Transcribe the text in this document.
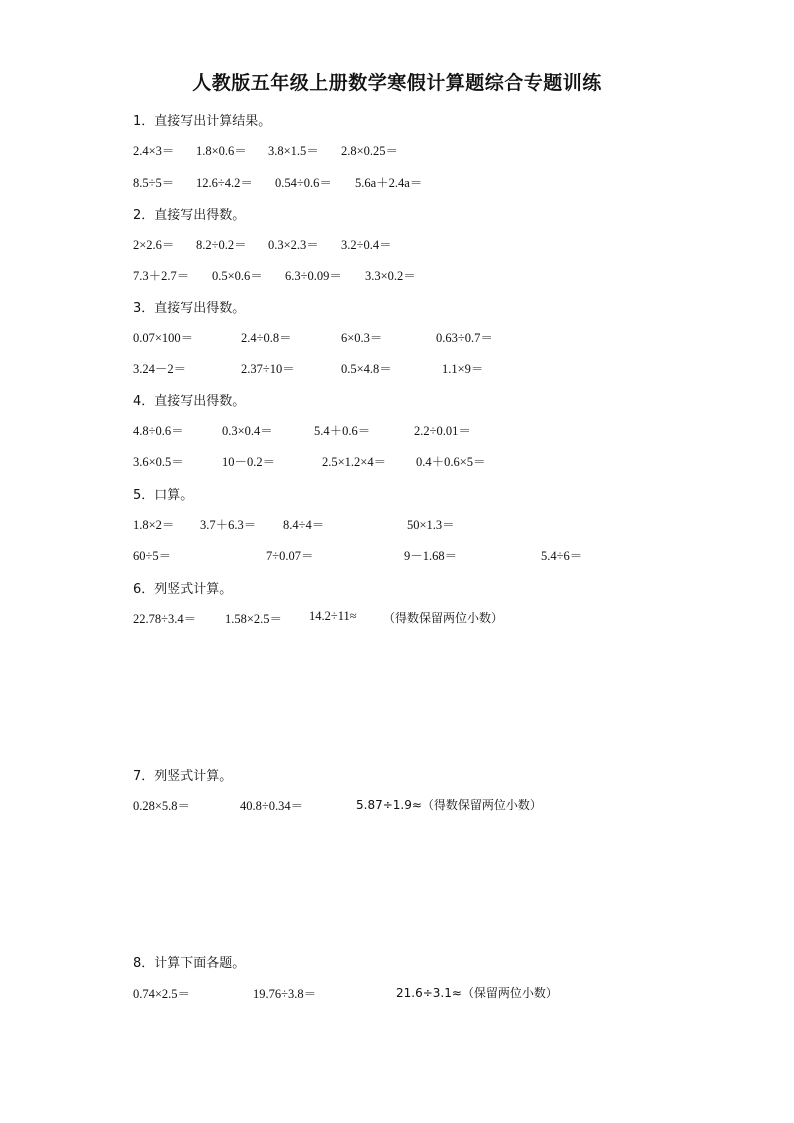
人教版五年级上册数学寒假计算题综合专题训练
1．直接写出计算结果。
2.4×3＝ 1.8×0.6＝ 3.8×1.5＝ 2.8×0.25＝
8.5÷5＝ 12.6÷4.2＝ 0.54÷0.6＝ 5.6a＋2.4a＝
2．直接写出得数。
2×2.6＝ 8.2÷0.2＝ 0.3×2.3＝ 3.2÷0.4＝
7.3＋2.7＝ 0.5×0.6＝ 6.3÷0.09＝ 3.3×0.2＝
3．直接写出得数。
0.07×100＝	2.4÷0.8＝	6×0.3＝	0.63÷0.7＝
3.24－2＝	2.37÷10＝	0.5×4.8＝	1.1×9＝
4．直接写出得数。
4.8÷0.6＝	0.3×0.4＝	5.4＋0.6＝	2.2÷0.01＝
3.6×0.5＝	10－0.2＝	2.5×1.2×4＝ 0.4＋0.6×5＝
5．口算。
1.8×2＝ 3.7＋6.3＝ 8.4÷4＝	50×1.3＝
60÷5＝	7÷0.07＝	9－1.68＝	5.4÷6＝
6．列竖式计算。
22.78÷3.4＝ 1.58×2.5＝ 14.2÷11≈ （得数保留两位小数）
7．列竖式计算。
0.28×5.8＝	40.8÷0.34＝	5.87÷1.9≈（得数保留两位小数）
8．计算下面各题。
0.74×2.5＝	19.76÷3.8＝	21.6÷3.1≈（保留两位小数）
